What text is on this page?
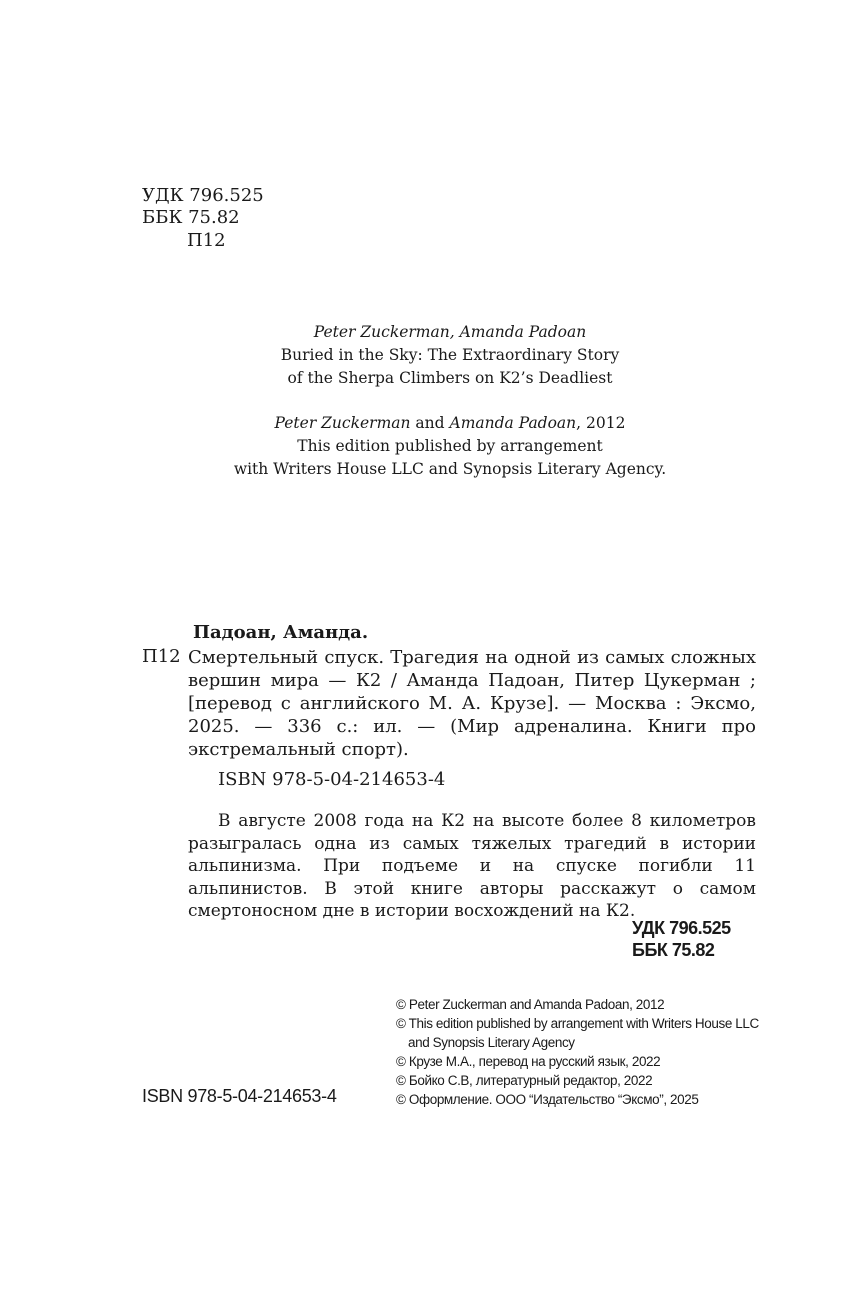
УДК 796.525
ББК 75.82
П12
Peter Zuckerman, Amanda Padoan
Buried in the Sky: The Extraordinary Story
of the Sherpa Climbers on K2’s Deadliest
Peter Zuckerman and Amanda Padoan, 2012
This edition published by arrangement
with Writers House LLC and Synopsis Literary Agency.
Падоан, Аманда.
П12 Смертельный спуск. Трагедия на одной из самых сложных вершин мира — К2 / Аманда Падоан, Питер Цукерман ; [перевод с английского М. А. Крузе]. — Москва : Эксмо, 2025. — 336 с.: ил. — (Мир адреналина. Книги про экстремальный спорт).

ISBN 978-5-04-214653-4

В августе 2008 года на К2 на высоте более 8 километров разыгралась одна из самых тяжелых трагедий в истории альпинизма. При подъеме и на спуске погибли 11 альпинистов. В этой книге авторы расскажут о самом смертоносном дне в истории восхождений на К2.

УДК 796.525
ББК 75.82
ISBN 978-5-04-214653-4
© Peter Zuckerman and Amanda Padoan, 2012
© This edition published by arrangement with Writers House LLC and Synopsis Literary Agency
© Крузе М.А., перевод на русский язык, 2022
© Бойко С.В, литературный редактор, 2022
© Оформление. ООО “Издательство “Эксмо”, 2025
